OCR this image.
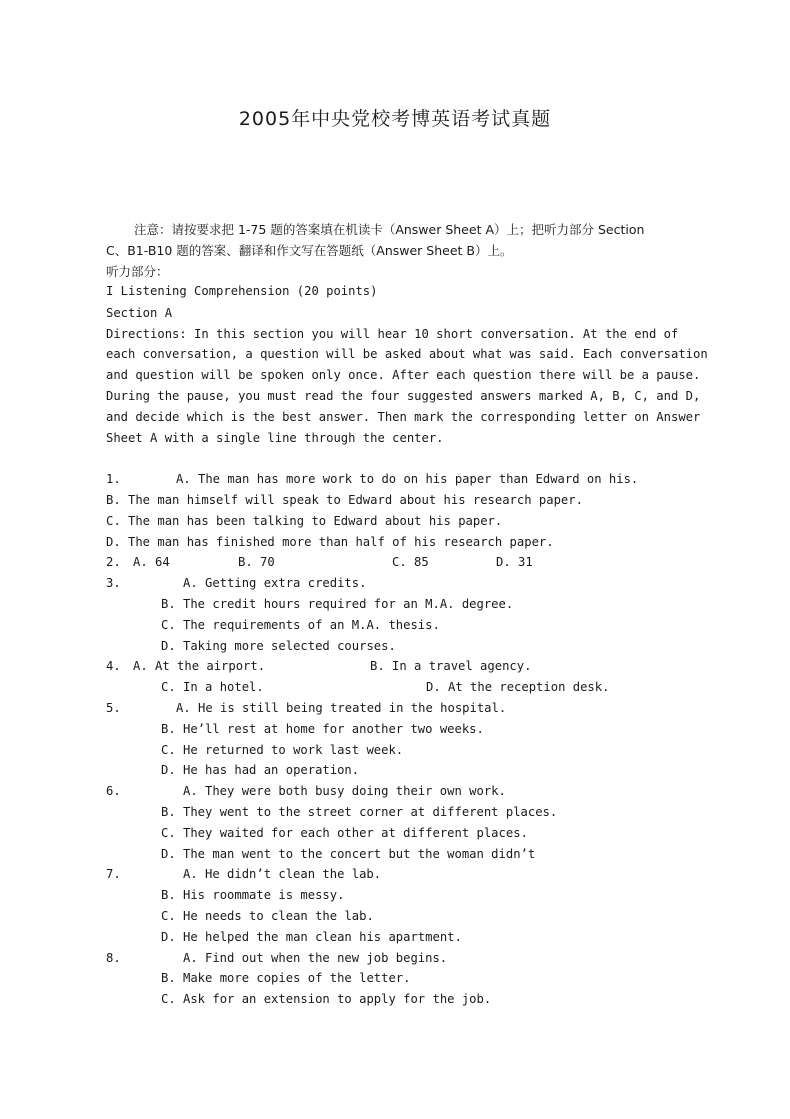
2005年中央党校考博英语考试真题
注意：请按要求把 1-75 题的答案填在机读卡（Answer Sheet A）上；把听力部分 Section
C、B1-B10 题的答案、翻译和作文写在答题纸（Answer Sheet B）上。
听力部分：
I Listening Comprehension (20 points)
Section A
Directions: In this section you will hear 10 short conversation. At the end of
each conversation, a question will be asked about what was said. Each conversation
and question will be spoken only once. After each question there will be a pause.
During the pause, you must read the four suggested answers marked A, B, C, and D,
and decide which is the best answer. Then mark the corresponding letter on Answer
Sheet A with a single line through the center.
1.	A. The man has more work to do on his paper than Edward on his.
B. The man himself will speak to Edward about his research paper.
C. The man has been talking to Edward about his paper.
D. The man has finished more than half of his research paper.
2. A. 64	B. 70	C. 85	D. 31
3.	A. Getting extra credits.
B. The credit hours required for an M.A. degree.
C. The requirements of an M.A. thesis.
D. Taking more selected courses.
4. A. At the airport.	B. In a travel agency.
C. In a hotel.	D. At the reception desk.
5.	A. He is still being treated in the hospital.
B. He’ll rest at home for another two weeks.
C. He returned to work last week.
D. He has had an operation.
6.	A. They were both busy doing their own work.
B. They went to the street corner at different places.
C. They waited for each other at different places.
D. The man went to the concert but the woman didn’t
7.	A. He didn’t clean the lab.
B. His roommate is messy.
C. He needs to clean the lab.
D. He helped the man clean his apartment.
8.	A. Find out when the new job begins.
B. Make more copies of the letter.
C. Ask for an extension to apply for the job.
